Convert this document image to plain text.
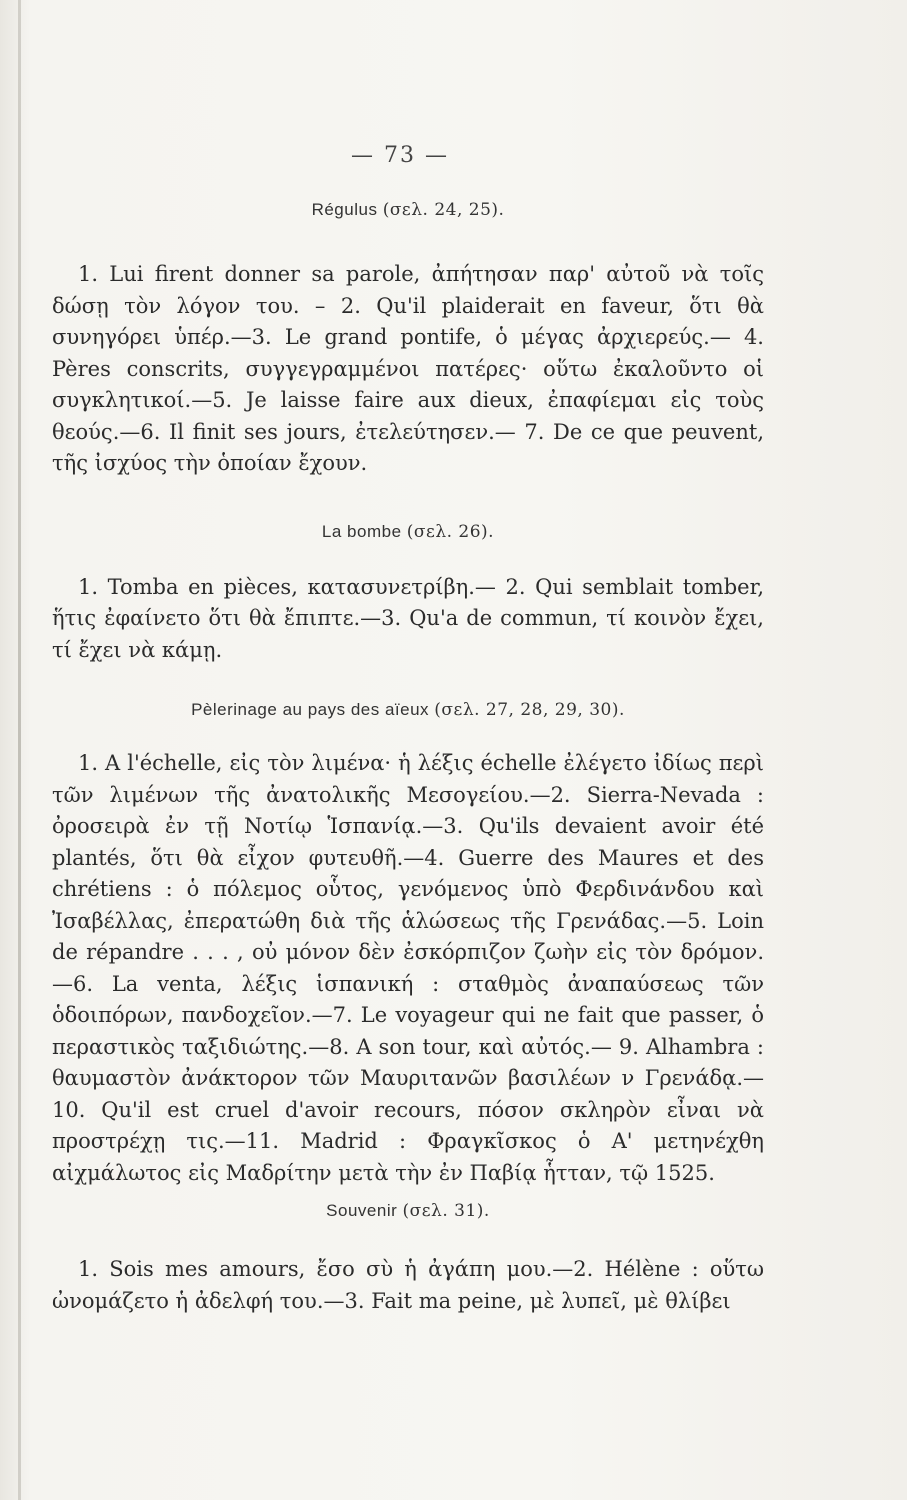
— 73 —

Régulus (σελ. 24, 25).

1. Lui firent donner sa parole, ἀπήτησαν παρ' αὐτοῦ νὰ τοῖς δώσῃ τὸν λόγον του. – 2. Qu'il plaiderait en faveur, ὅτι θὰ συνηγόρει ὑπέρ.—3. Le grand pontife, ὁ μέγας ἀρχιερεύς.— 4. Pères conscrits, συγγεγραμμένοι πατέρες· οὕτω ἐκαλοῦντο οἱ συγκλητικοί.—5. Je laisse faire aux dieux, ἐπαφίεμαι εἰς τοὺς θεούς.—6. Il finit ses jours, ἐτελεύτησεν.— 7. De ce que peuvent, τῆς ἰσχύος τὴν ὁποίαν ἔχουν.

La bombe (σελ. 26).

1. Tomba en pièces, κατασυνετρίβη.— 2. Qui semblait tomber, ἥτις ἐφαίνετο ὅτι θὰ ἔπιπτε.—3. Qu'a de commun, τί κοινὸν ἔχει, τί ἔχει νὰ κάμῃ.

Pèlerinage au pays des aïeux (σελ. 27, 28, 29, 30).

1. A l'échelle, εἰς τὸν λιμένα· ἡ λέξις échelle ἐλέγετο ἰδίως περὶ τῶν λιμένων τῆς ἀνατολικῆς Μεσογείου.—2. Sierra-Nevada : ὀροσειρὰ ἐν τῇ Νοτίῳ Ἱσπανίᾳ.—3. Qu'ils devaient avoir été plantés, ὅτι θὰ εἶχον φυτευθῆ.—4. Guerre des Maures et des chrétiens : ὁ πόλεμος οὗτος, γενόμενος ὑπὸ Φερδινάνδου καὶ Ἰσαβέλλας, ἐπερατώθη διὰ τῆς ἁλώσεως τῆς Γρενάδας.—5. Loin de répandre . . . , οὐ μόνον δὲν ἐσκόρπιζον ζωὴν εἰς τὸν δρόμον.—6. La venta, λέξις ἱσπανική : σταθμὸς ἀναπαύσεως τῶν ὁδοιπόρων, πανδοχεῖον.—7. Le voyageur qui ne fait que passer, ὁ περαστικὸς ταξιδιώτης.—8. A son tour, καὶ αὐτός.— 9. Alhambra : θαυμαστὸν ἀνάκτορον τῶν Μαυριτανῶν βασιλέων ν Γρενάδᾳ.—10. Qu'il est cruel d'avoir recours, πόσον σκληρὸν εἶναι νὰ προστρέχῃ τις.—11. Madrid : Φραγκῖσκος ὁ Α' μετηνέχθη αἰχμάλωτος εἰς Μαδρίτην μετὰ τὴν ἐν Παβίᾳ ἧτταν, τῷ 1525.

Souvenir (σελ. 31).

1. Sois mes amours, ἔσο σὺ ἡ ἀγάπη μου.—2. Hélène : οὕτω ὠνομάζετο ἡ ἀδελφή του.—3. Fait ma peine, μὲ λυπεῖ, μὲ θλίβει
